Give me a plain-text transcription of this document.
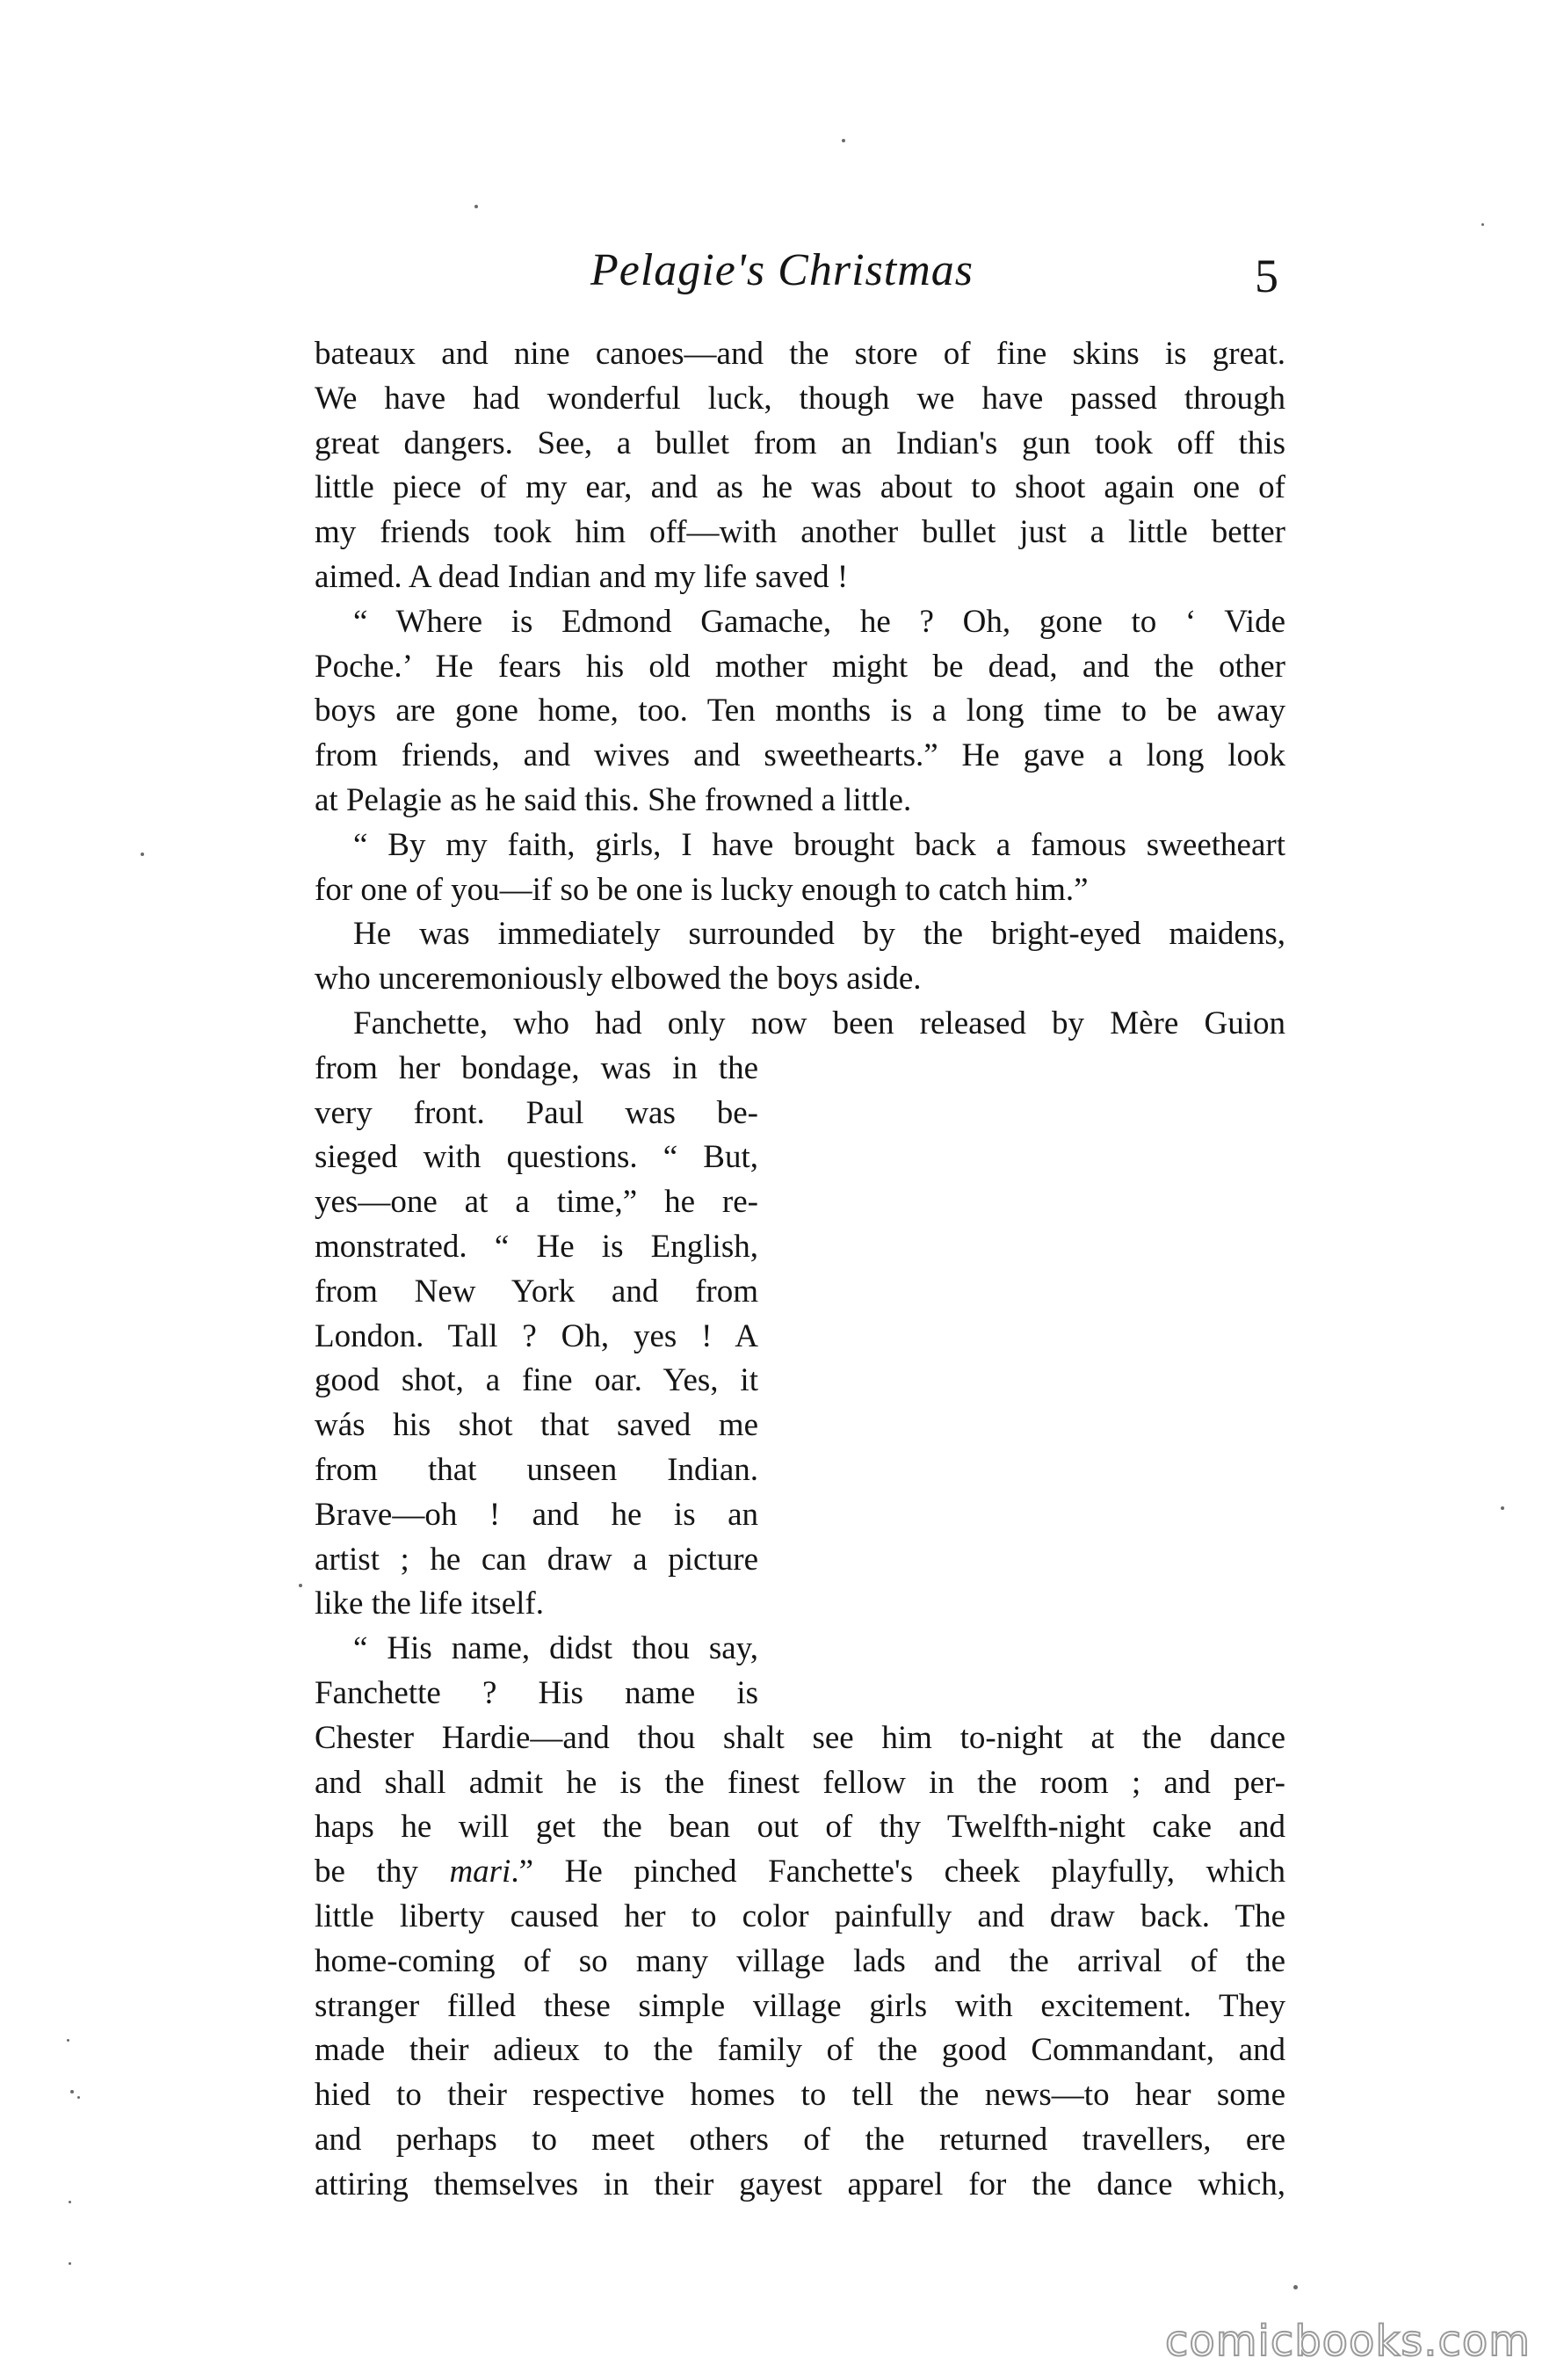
Pelagie's Christmas	5
bateaux and nine canoes—and the store of fine skins is great.
We have had wonderful luck, though we have passed through
great dangers. See, a bullet from an Indian's gun took off this
little piece of my ear, and as he was about to shoot again one of
my friends took him off—with another bullet just a little better
aimed. A dead Indian and my life saved !
“ Where is Edmond Gamache, he ? Oh, gone to ‘ Vide
Poche.’ He fears his old mother might be dead, and the other
boys are gone home, too. Ten months is a long time to be away
from friends, and wives and sweethearts.” He gave a long look
at Pelagie as he said this. She frowned a little.
“ By my faith, girls, I have brought back a famous sweetheart
for one of you—if so be one is lucky enough to catch him.”
He was immediately surrounded by the bright-eyed maidens,
who unceremoniously elbowed the boys aside.
Fanchette, who had only now been released by Mère Guion
from her bondage, was in the
very front. Paul was be-
sieged with questions. “ But,
yes—one at a time,” he re-
monstrated. “ He is English,
from New York and from
London. Tall ? Oh, yes ! A
good shot, a fine oar. Yes, it
wás his shot that saved me
from that unseen Indian.
Brave—oh ! and he is an
artist ; he can draw a picture
like the life itself.
“ His name, didst thou say,
Fanchette ? His name is
Chester Hardie—and thou shalt see him to-night at the dance
and shall admit he is the finest fellow in the room ; and per-
haps he will get the bean out of thy Twelfth-night cake and
be thy mari.” He pinched Fanchette's cheek playfully, which
little liberty caused her to color painfully and draw back. The
home-coming of so many village lads and the arrival of the
stranger filled these simple village girls with excitement. They
made their adieux to the family of the good Commandant, and
hied to their respective homes to tell the news—to hear some
and perhaps to meet others of the returned travellers, ere
attiring themselves in their gayest apparel for the dance which,
comicbooks.com
